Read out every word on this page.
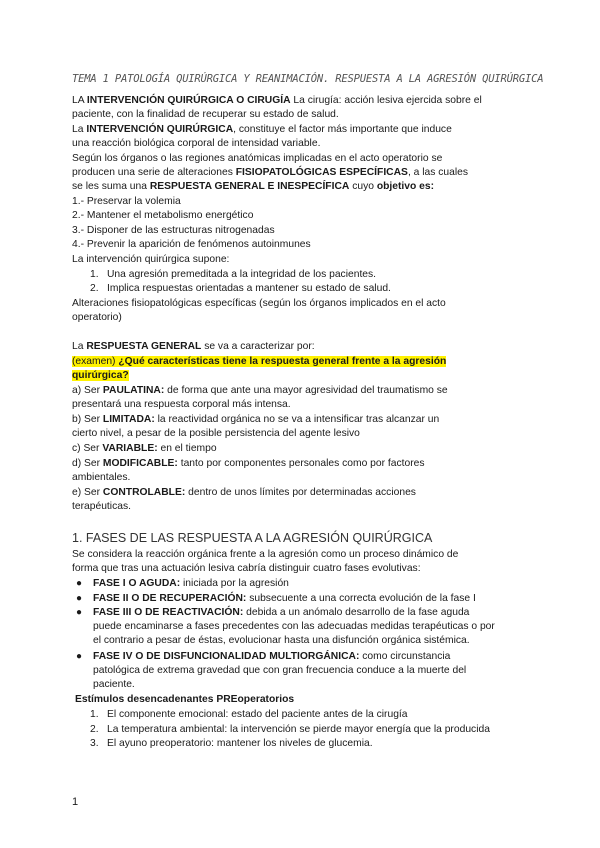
TEMA 1 PATOLOGÍA QUIRÚRGICA Y REANIMACIÓN. RESPUESTA A LA AGRESIÓN QUIRÚRGICA
LA INTERVENCIÓN QUIRÚRGICA O CIRUGÍA La cirugía: acción lesiva ejercida sobre el
paciente, con la finalidad de recuperar su estado de salud.
La INTERVENCIÓN QUIRÚRGICA, constituye el factor más importante que induce
una reacción biológica corporal de intensidad variable.
Según los órganos o las regiones anatómicas implicadas en el acto operatorio se
producen una serie de alteraciones FISIOPATOLÓGICAS ESPECÍFICAS, a las cuales
se les suma una RESPUESTA GENERAL E INESPECÍFICA cuyo objetivo es:
1.- Preservar la volemia
2.- Mantener el metabolismo energético
3.- Disponer de las estructuras nitrogenadas
4.- Prevenir la aparición de fenómenos autoinmunes
La intervención quirúrgica supone:
1. Una agresión premeditada a la integridad de los pacientes.
2. Implica respuestas orientadas a mantener su estado de salud.
Alteraciones fisiopatológicas específicas (según los órganos implicados en el acto
operatorio)
La RESPUESTA GENERAL se va a caracterizar por:
(examen) ¿Qué características tiene la respuesta general frente a la agresión
quirúrgica?
a) Ser PAULATINA: de forma que ante una mayor agresividad del traumatismo se
presentará una respuesta corporal más intensa.
b) Ser LIMITADA: la reactividad orgánica no se va a intensificar tras alcanzar un
cierto nivel, a pesar de la posible persistencia del agente lesivo
c) Ser VARIABLE: en el tiempo
d) Ser MODIFICABLE: tanto por componentes personales como por factores
ambientales.
e) Ser CONTROLABLE: dentro de unos límites por determinadas acciones
terapéuticas.
1. FASES DE LAS RESPUESTA A LA AGRESIÓN QUIRÚRGICA
Se considera la reacción orgánica frente a la agresión como un proceso dinámico de
forma que tras una actuación lesiva cabría distinguir cuatro fases evolutivas:
● FASE I O AGUDA: iniciada por la agresión
● FASE II O DE RECUPERACIÓN: subsecuente a una correcta evolución de la fase I
● FASE III O DE REACTIVACIÓN: debida a un anómalo desarrollo de la fase aguda
puede encaminarse a fases precedentes con las adecuadas medidas terapéuticas o por
el contrario a pesar de éstas, evolucionar hasta una disfunción orgánica sistémica.
● FASE IV O DE DISFUNCIONALIDAD MULTIORGÁNICA: como circunstancia
patológica de extrema gravedad que con gran frecuencia conduce a la muerte del
paciente.
Estímulos desencadenantes PREoperatorios
1. El componente emocional: estado del paciente antes de la cirugía
2. La temperatura ambiental: la intervención se pierde mayor energía que la producida
3. El ayuno preoperatorio: mantener los niveles de glucemia.
1
